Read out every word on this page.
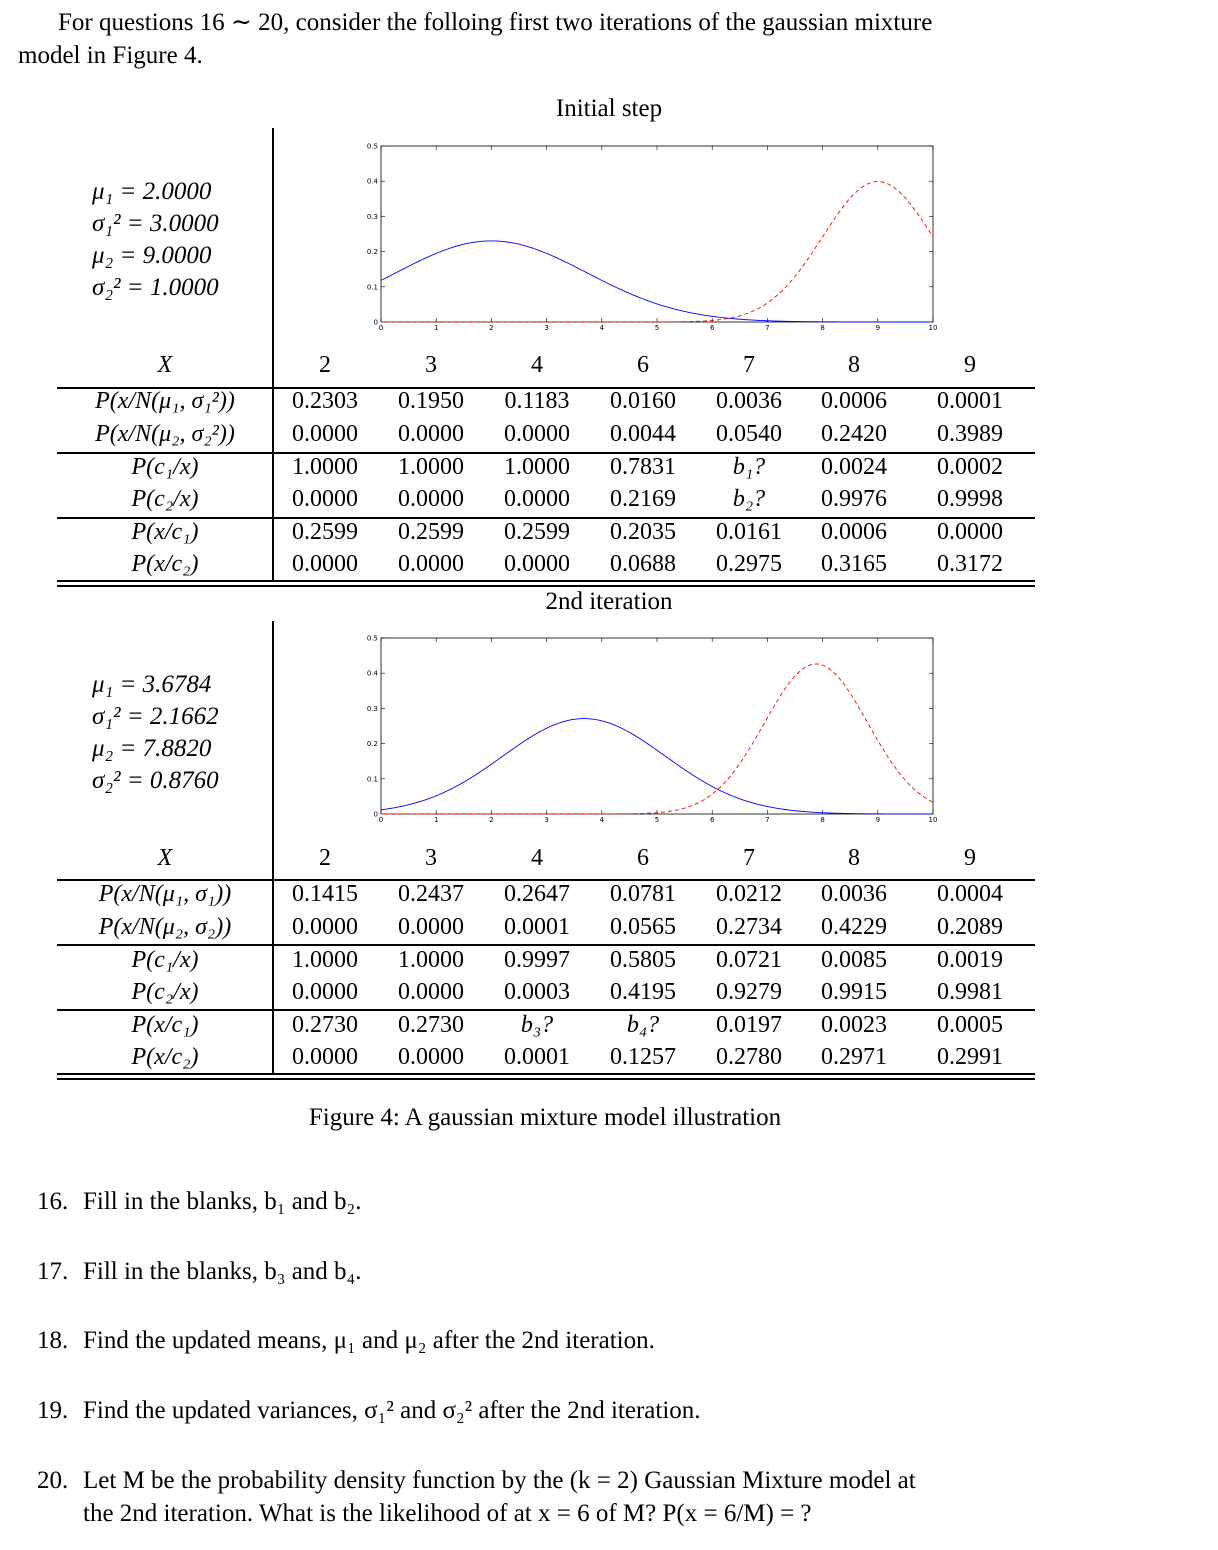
For questions 16 ∼ 20, consider the folloing first two iterations of the gaussian mixture
model in Figure 4.
Initial step
μ₁ = 2.0000
σ₁² = 3.0000
μ₂ = 9.0000
σ₂² = 1.0000
0	1	2	3	4	5	6	7	8	9	10
0
0.1
0.2
0.3
0.4
0.5
X	2	3	4	6	7	8	9
P(x/N(μ₁, σ₁²))	0.2303	0.1950	0.1183	0.0160	0.0036	0.0006	0.0001
P(x/N(μ₂, σ₂²))	0.0000	0.0000	0.0000	0.0044	0.0540	0.2420	0.3989
P(c₁/x)	1.0000	1.0000	1.0000	0.7831	b₁?	0.0024	0.0002
P(c₂/x)	0.0000	0.0000	0.0000	0.2169	b₂?	0.9976	0.9998
P(x/c₁)	0.2599	0.2599	0.2599	0.2035	0.0161	0.0006	0.0000
P(x/c₂)	0.0000	0.0000	0.0000	0.0688	0.2975	0.3165	0.3172
2nd iteration
μ₁ = 3.6784
σ₁² = 2.1662
μ₂ = 7.8820
σ₂² = 0.8760
0	1	2	3	4	5	6	7	8	9	10
0
0.1
0.2
0.3
0.4
0.5
X	2	3	4	6	7	8	9
P(x/N(μ₁, σ₁))	0.1415	0.2437	0.2647	0.0781	0.0212	0.0036	0.0004
P(x/N(μ₂, σ₂))	0.0000	0.0000	0.0001	0.0565	0.2734	0.4229	0.2089
P(c₁/x)	1.0000	1.0000	0.9997	0.5805	0.0721	0.0085	0.0019
P(c₂/x)	0.0000	0.0000	0.0003	0.4195	0.9279	0.9915	0.9981
P(x/c₁)	0.2730	0.2730	b₃?	b₄?	0.0197	0.0023	0.0005
P(x/c₂)	0.0000	0.0000	0.0001	0.1257	0.2780	0.2971	0.2991
Figure 4: A gaussian mixture model illustration
16. Fill in the blanks, b₁ and b₂.
17. Fill in the blanks, b₃ and b₄.
18. Find the updated means, μ₁ and μ₂ after the 2nd iteration.
19. Find the updated variances, σ₁² and σ₂² after the 2nd iteration.
20. Let M be the probability density function by the (k = 2) Gaussian Mixture model at
the 2nd iteration. What is the likelihood of at x = 6 of M? P(x = 6/M) = ?
